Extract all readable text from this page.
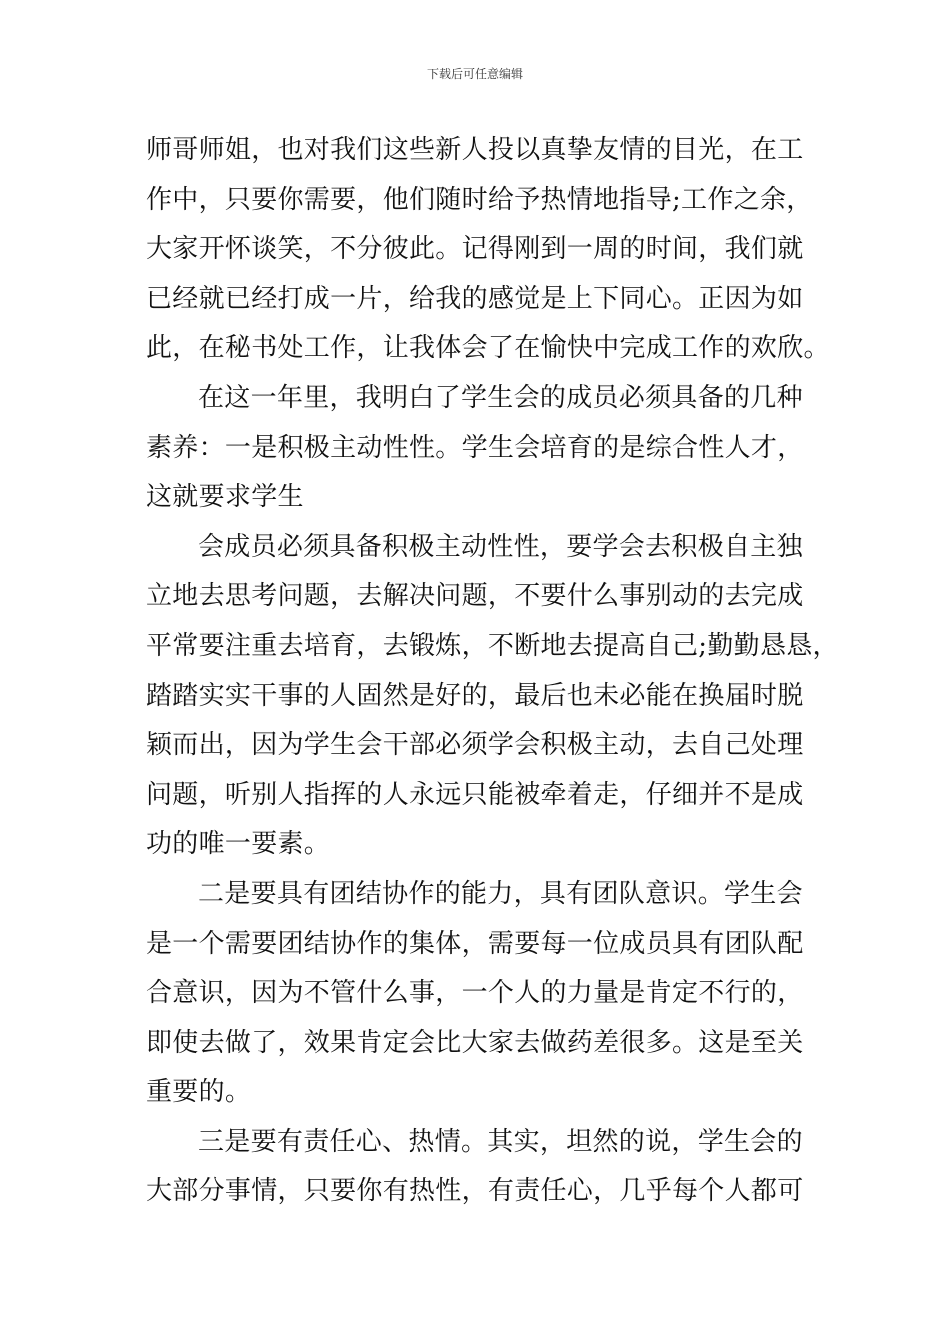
下载后可任意编辑
师哥师姐，也对我们这些新人投以真挚友情的目光，在工
作中，只要你需要，他们随时给予热情地指导;工作之余，
大家开怀谈笑，不分彼此。记得刚到一周的时间，我们就
已经就已经打成一片，给我的感觉是上下同心。正因为如
此，在秘书处工作，让我体会了在愉快中完成工作的欢欣。
在这一年里，我明白了学生会的成员必须具备的几种
素养：一是积极主动性性。学生会培育的是综合性人才，
这就要求学生
会成员必须具备积极主动性性，要学会去积极自主独
立地去思考问题，去解决问题，不要什么事别动的去完成
平常要注重去培育，去锻炼，不断地去提高自己;勤勤恳恳，
踏踏实实干事的人固然是好的，最后也未必能在换届时脱
颖而出，因为学生会干部必须学会积极主动，去自己处理
问题，听别人指挥的人永远只能被牵着走，仔细并不是成
功的唯一要素。
二是要具有团结协作的能力，具有团队意识。学生会
是一个需要团结协作的集体，需要每一位成员具有团队配
合意识，因为不管什么事，一个人的力量是肯定不行的，
即使去做了，效果肯定会比大家去做药差很多。这是至关
重要的。
三是要有责任心、热情。其实，坦然的说，学生会的
大部分事情，只要你有热性，有责任心，几乎每个人都可
